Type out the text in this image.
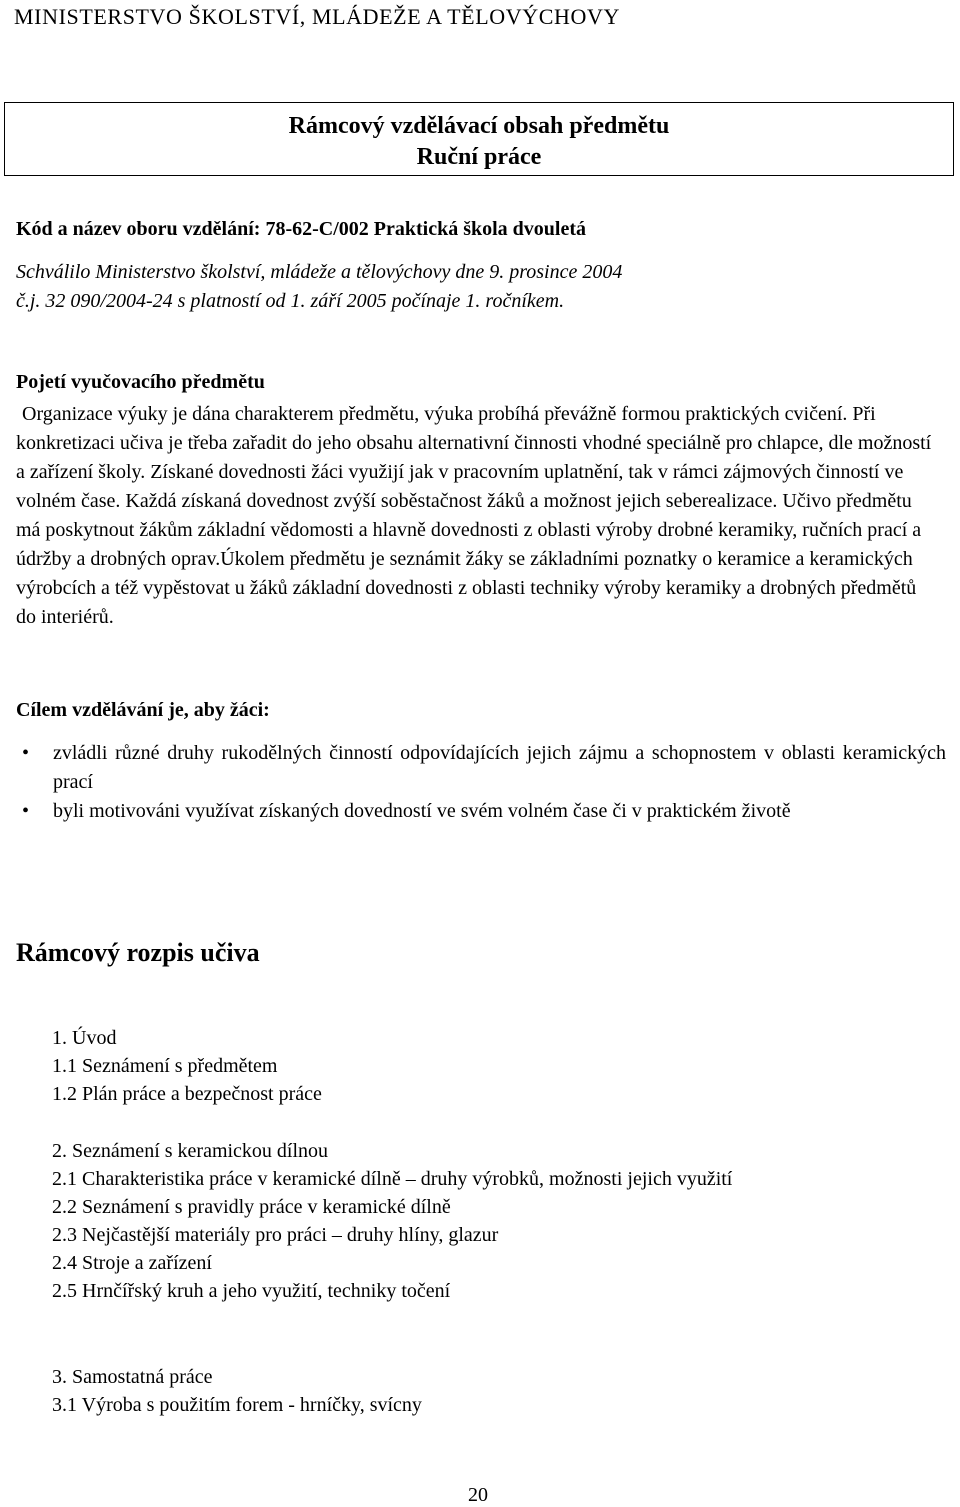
MINISTERSTVO ŠKOLSTVÍ, MLÁDEŽE A TĚLOVÝCHOVY
Rámcový vzdělávací obsah předmětu
Ruční práce
Kód a název oboru vzdělání: 78-62-C/002 Praktická škola dvouletá
Schválilo Ministerstvo školství, mládeže a tělovýchovy dne 9. prosince 2004
č.j. 32 090/2004-24 s platností od 1. září 2005 počínaje 1. ročníkem.
Pojetí vyučovacího předmětu
Organizace výuky je dána charakterem předmětu, výuka probíhá převážně formou praktických cvičení. Při konkretizaci učiva je třeba zařadit do jeho obsahu alternativní činnosti vhodné speciálně pro chlapce, dle možností a zařízení školy. Získané dovednosti žáci využijí jak v pracovním uplatnění, tak v rámci zájmových činností ve volném čase. Každá získaná dovednost zvýší soběstačnost žáků a možnost jejich seberealizace. Učivo předmětu má poskytnout žákům základní vědomosti a hlavně dovednosti z oblasti výroby drobné keramiky, ručních prací a údržby a drobných oprav.Úkolem předmětu je seznámit žáky se základními poznatky o keramice a keramických výrobcích a též vypěstovat u žáků základní dovednosti z oblasti techniky výroby keramiky a drobných předmětů do interiérů.
Cílem vzdělávání je, aby žáci:
• zvládli různé druhy rukodělných činností odpovídajících jejich zájmu a schopnostem v oblasti keramických prací
• byli motivováni využívat získaných dovedností ve svém volném čase či v praktickém životě
Rámcový rozpis učiva
1. Úvod
1.1 Seznámení s předmětem
1.2 Plán práce a bezpečnost práce
2. Seznámení s keramickou dílnou
2.1 Charakteristika práce v keramické dílně – druhy výrobků, možnosti jejich využití
2.2 Seznámení s pravidly práce v keramické dílně
2.3 Nejčastější materiály pro práci – druhy hlíny, glazur
2.4 Stroje a zařízení
2.5 Hrnčířský kruh a jeho využití, techniky točení
3. Samostatná práce
3.1 Výroba s použitím forem - hrníčky, svícny
20
